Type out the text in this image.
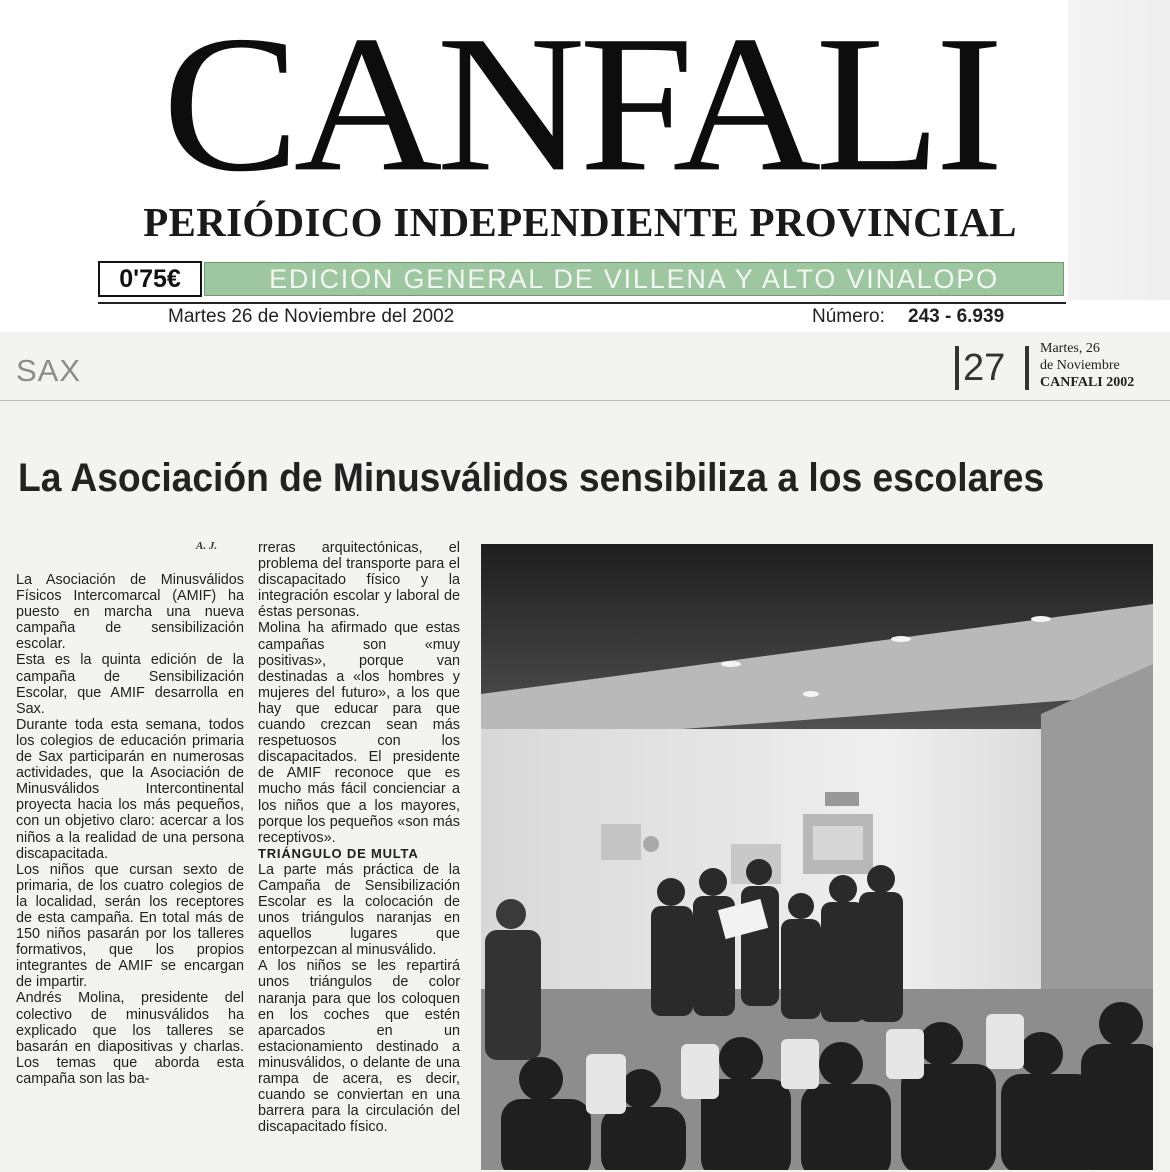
CANFALI
PERIÓDICO INDEPENDIENTE PROVINCIAL
0'75€	EDICION GENERAL DE VILLENA Y ALTO VINALOPO
Martes 26 de Noviembre del 2002	Número: 243 - 6.939

SAX	27 Martes, 26
de Noviembre
CANFALI 2002
La Asociación de Minusválidos sensibiliza a los escolares
A. J.

La Asociación de Minusválidos Físicos Intercomarcal (AMIF) ha puesto en marcha una nueva campaña de sensibilización escolar.

Esta es la quinta edición de la campaña de Sensibilización Escolar, que AMIF desarrolla en Sax.

Durante toda esta semana, todos los colegios de educación primaria de Sax participarán en numerosas actividades, que la Asociación de Minusválidos Intercontinental proyecta hacia los más pequeños, con un objetivo claro: acercar a los niños a la realidad de una persona discapacitada.

Los niños que cursan sexto de primaria, de los cuatro colegios de la localidad, serán los receptores de esta campaña. En total más de 150 niños pasarán por los talleres formativos, que los propios integrantes de AMIF se encargan de impartir.

Andrés Molina, presidente del colectivo de minusválidos ha explicado que los talleres se basarán en diapositivas y charlas. Los temas que aborda esta campaña son las ba-

rreras arquitectónicas, el problema del transporte para el discapacitado físico y la integración escolar y laboral de éstas personas.

Molina ha afirmado que estas campañas son «muy positivas», porque van destinadas a «los hombres y mujeres del futuro», a los que hay que educar para que cuando crezcan sean más respetuosos con los discapacitados. El presidente de AMIF reconoce que es mucho más fácil concienciar a los niños que a los mayores, porque los pequeños «son más receptivos».

TRIÁNGULO DE MULTA

La parte más práctica de la Campaña de Sensibilización Escolar es la colocación de unos triángulos naranjas en aquellos lugares que entorpezcan al minusválido.

A los niños se les repartirá unos triángulos de color naranja para que los coloquen en los coches que estén aparcados en un estacionamiento destinado a minusválidos, o delante de una rampa de acera, es decir, cuando se conviertan en una barrera para la circulación del discapacitado físico.
